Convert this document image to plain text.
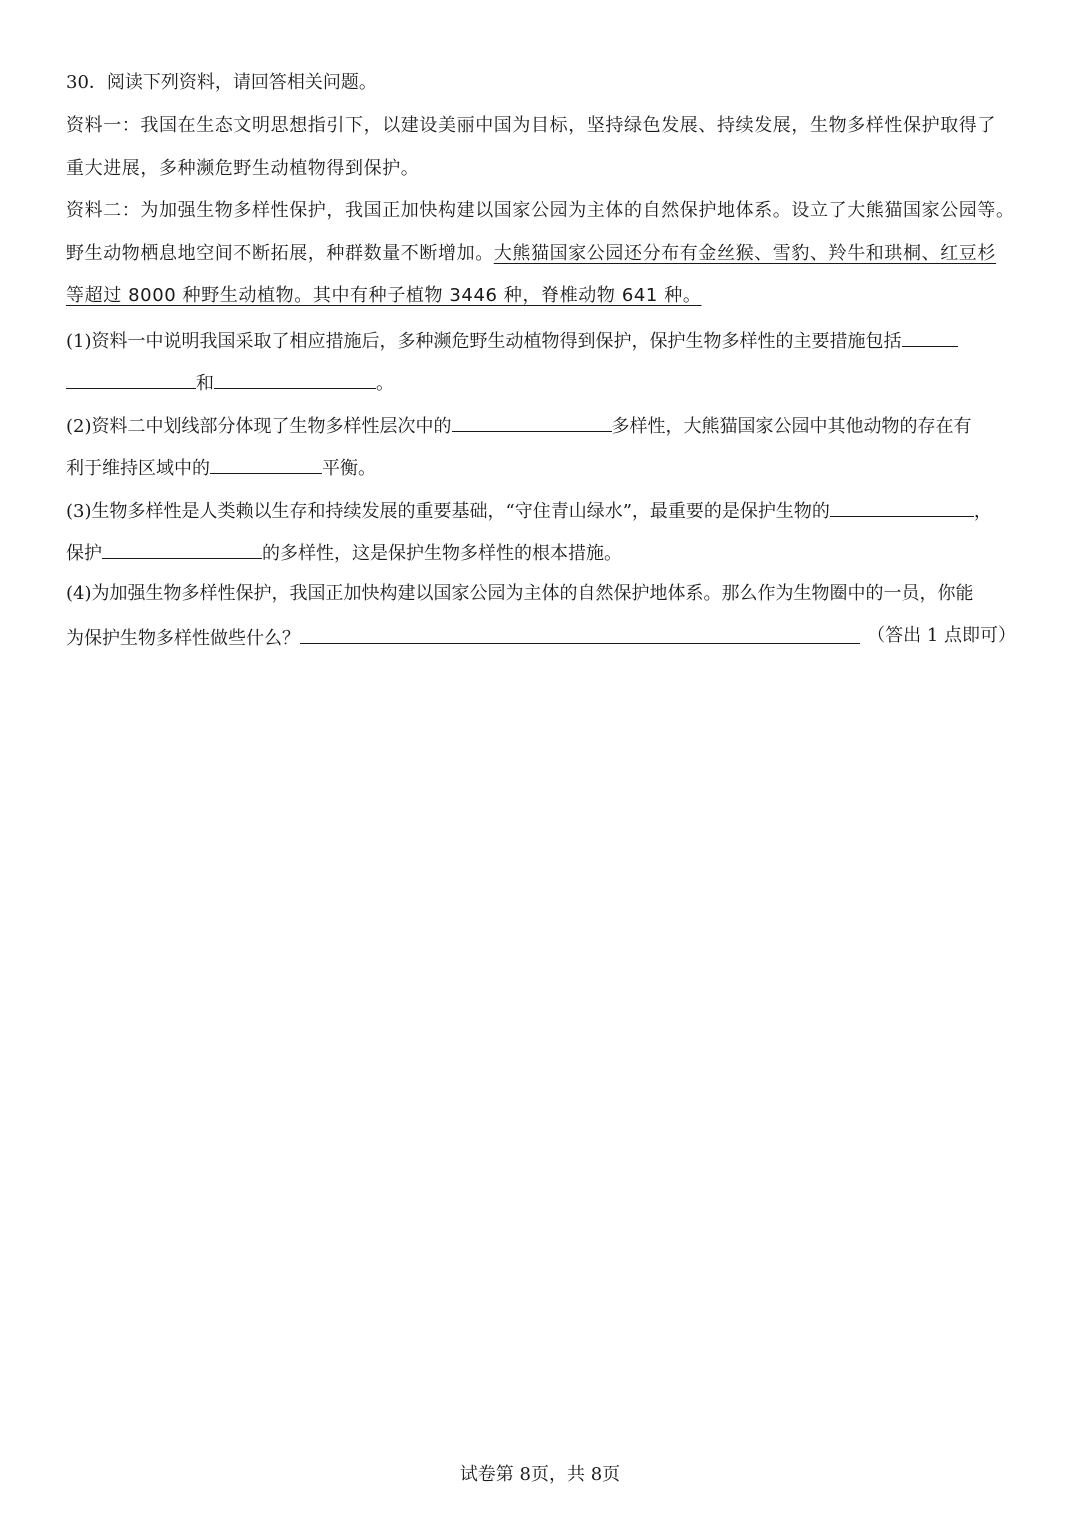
30．阅读下列资料，请回答相关问题。
资料一：我国在生态文明思想指引下，以建设美丽中国为目标，坚持绿色发展、持续发展，生物多样性保护取得了
重大进展，多种濒危野生动植物得到保护。
资料二：为加强生物多样性保护，我国正加快构建以国家公园为主体的自然保护地体系。设立了大熊猫国家公园等。
野生动物栖息地空间不断拓展，种群数量不断增加。大熊猫国家公园还分布有金丝猴、雪豹、羚牛和珙桐、红豆杉
等超过 8000 种野生动植物。其中有种子植物 3446 种，脊椎动物 641 种。
(1)资料一中说明我国采取了相应措施后，多种濒危野生动植物得到保护，保护生物多样性的主要措施包括
和	。
(2)资料二中划线部分体现了生物多样性层次中的	多样性，大熊猫国家公园中其他动物的存在有
利于维持区域中的	平衡。
(3)生物多样性是人类赖以生存和持续发展的重要基础，“守住青山绿水”，最重要的是保护生物的	，
保护	的多样性，这是保护生物多样性的根本措施。
(4)为加强生物多样性保护，我国正加快构建以国家公园为主体的自然保护地体系。那么作为生物圈中的一员，你能
为保护生物多样性做些什么？	（答出 1 点即可）
试卷第 8页，共 8页
